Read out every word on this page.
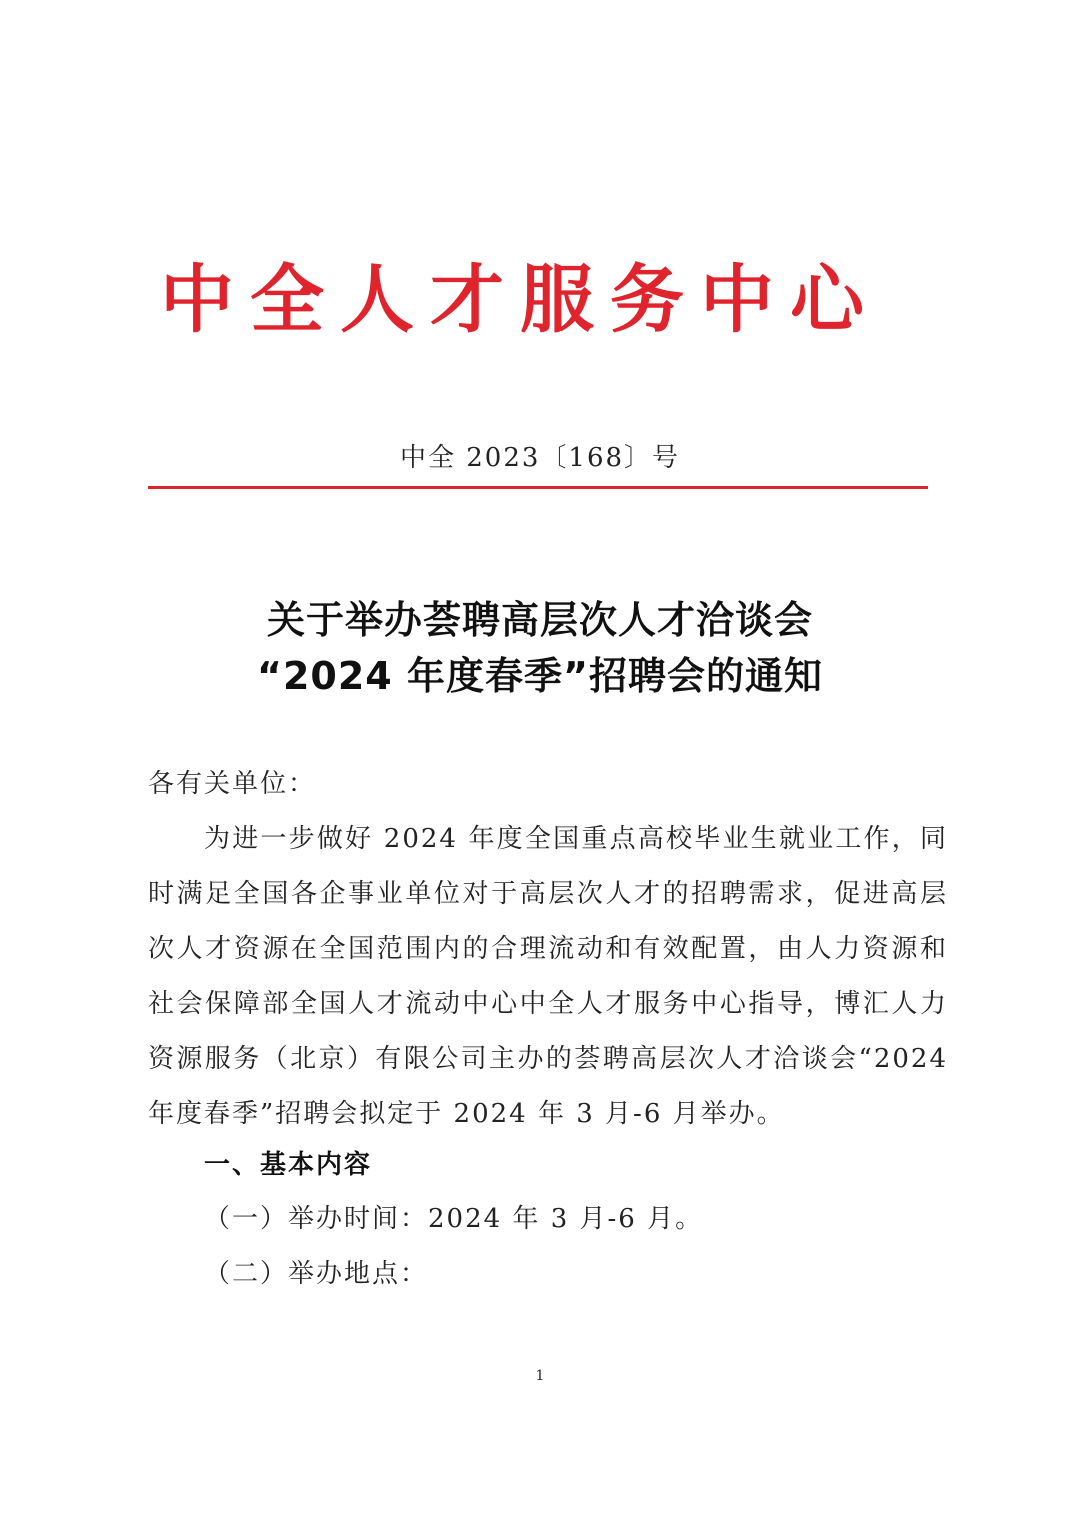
中全人才服务中心
中全 2023〔168〕号
关于举办荟聘高层次人才洽谈会
“2024 年度春季”招聘会的通知
各有关单位：
为进一步做好 2024 年度全国重点高校毕业生就业工作，同时满足全国各企事业单位对于高层次人才的招聘需求，促进高层次人才资源在全国范围内的合理流动和有效配置，由人力资源和社会保障部全国人才流动中心中全人才服务中心指导，博汇人力资源服务（北京）有限公司主办的荟聘高层次人才洽谈会“2024 年度春季”招聘会拟定于 2024 年 3 月-6 月举办。
一、基本内容
（一）举办时间：2024 年 3 月-6 月。
（二）举办地点：
1
